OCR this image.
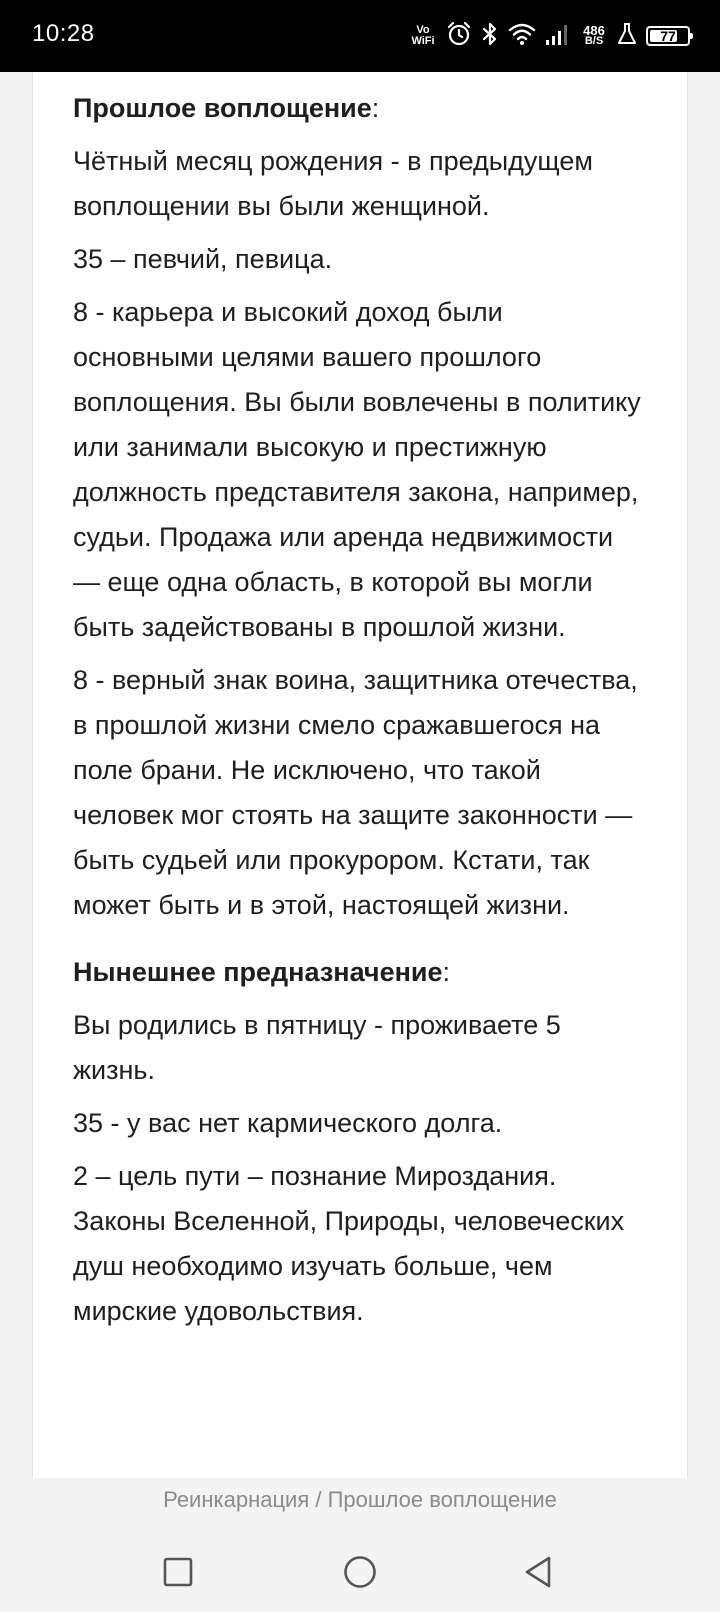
10:28	Vo
WiFi
486
B/S	77
Прошлое воплощение:

Чётный месяц рождения - в предыдущем воплощении вы были женщиной.

35 – певчий, певица.

8 - карьера и высокий доход были основными целями вашего прошлого воплощения. Вы были вовлечены в политику или занимали высокую и престижную должность представителя закона, например, судьи. Продажа или аренда недвижимости — еще одна область, в которой вы могли быть задействованы в прошлой жизни.

8 - верный знак воина, защитника отечества, в прошлой жизни смело сражавшегося на поле брани. Не исключено, что такой человек мог стоять на защите законности — быть судьей или прокурором. Кстати, так может быть и в этой, настоящей жизни.

Нынешнее предназначение:

Вы родились в пятницу - проживаете 5 жизнь.

35 - у вас нет кармического долга.

2 – цель пути – познание Мироздания. Законы Вселенной, Природы, человеческих душ необходимо изучать больше, чем мирские удовольствия.

Реинкарнация / Прошлое воплощение
